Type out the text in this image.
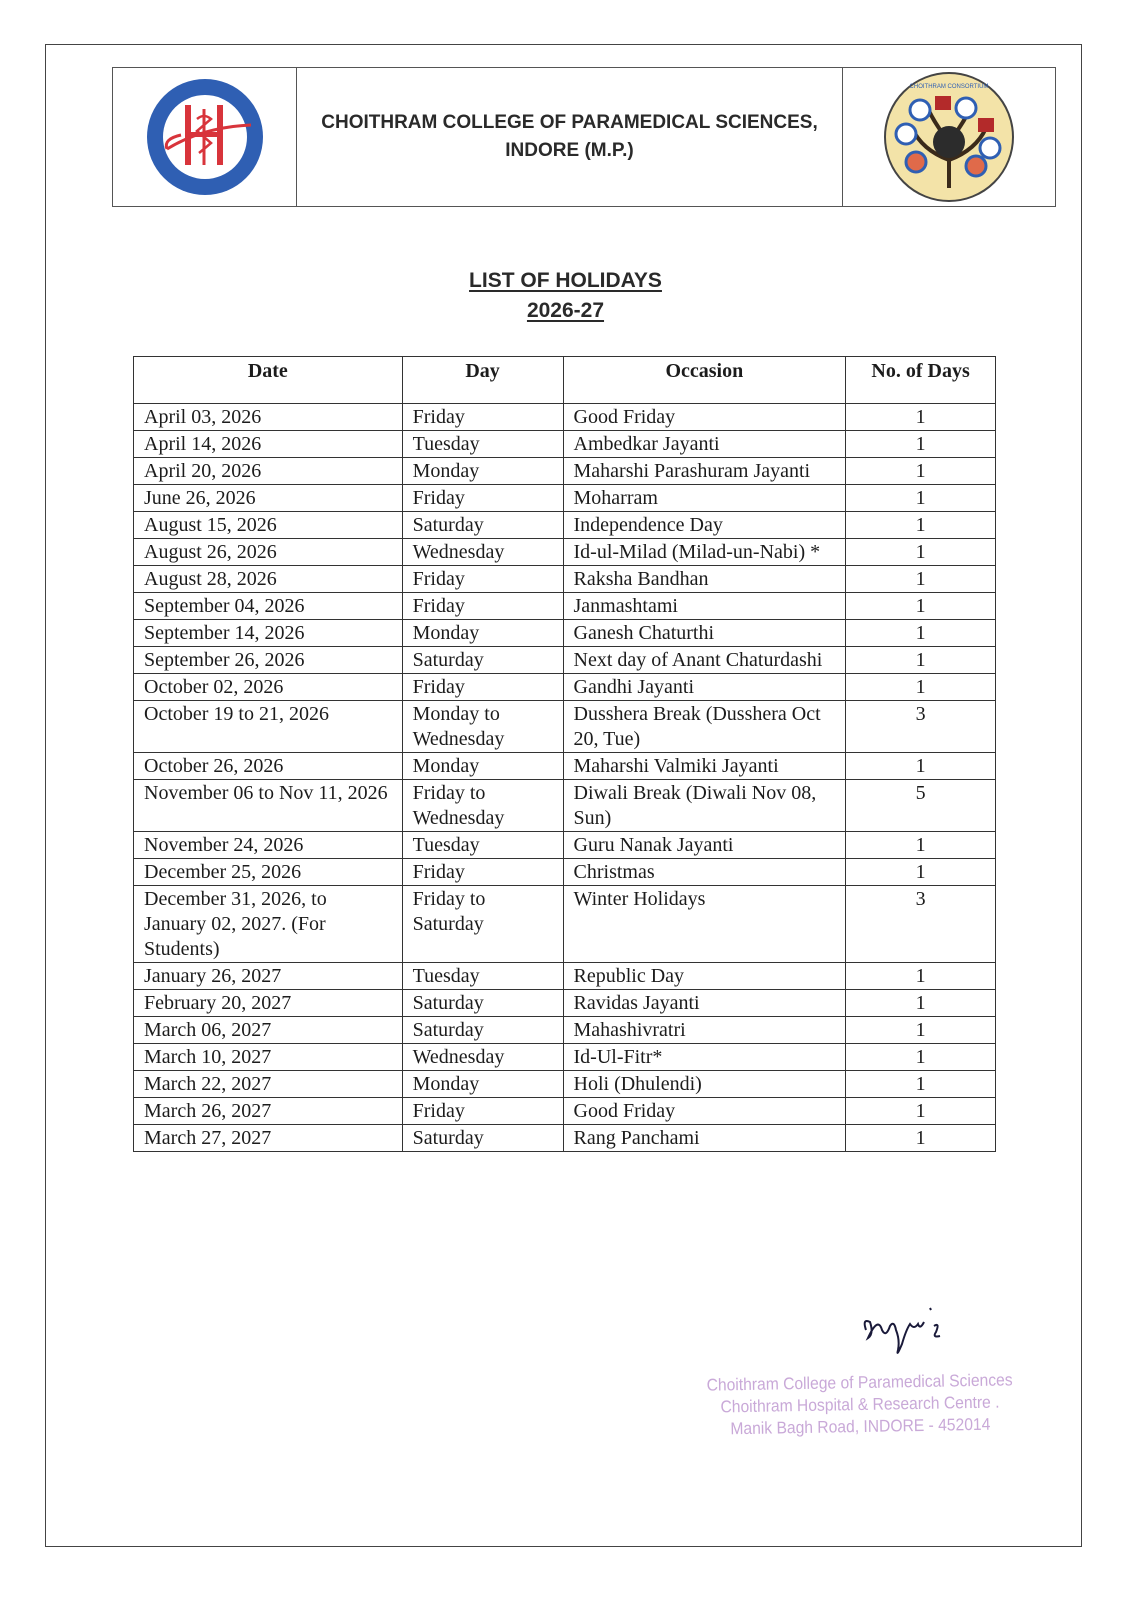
CHOITHRAM COLLEGE OF PARAMEDICAL SCIENCES,
INDORE (M.P.)
CHOITHRAM CONSORTIUM
LIST OF HOLIDAYS
2026-27
Date	Day	Occasion	No. of Days
April 03, 2026	Friday	Good Friday	1
April 14, 2026	Tuesday	Ambedkar Jayanti	1
April 20, 2026	Monday	Maharshi Parashuram Jayanti	1
June 26, 2026	Friday	Moharram	1
August 15, 2026	Saturday	Independence Day	1
August 26, 2026	Wednesday	Id-ul-Milad (Milad-un-Nabi) *	1
August 28, 2026	Friday	Raksha Bandhan	1
September 04, 2026	Friday	Janmashtami	1
September 14, 2026	Monday	Ganesh Chaturthi	1
September 26, 2026	Saturday	Next day of Anant Chaturdashi	1
October 02, 2026	Friday	Gandhi Jayanti	1
October 19 to 21, 2026	Monday to Wednesday	Dusshera Break (Dusshera Oct 20, Tue)	3
October 26, 2026	Monday	Maharshi Valmiki Jayanti	1
November 06 to Nov 11, 2026	Friday to Wednesday	Diwali Break (Diwali Nov 08, Sun)	5
November 24, 2026	Tuesday	Guru Nanak Jayanti	1
December 25, 2026	Friday	Christmas	1
December 31, 2026, to January 02, 2027. (For Students)	Friday to Saturday	Winter Holidays	3
January 26, 2027	Tuesday	Republic Day	1
February 20, 2027	Saturday	Ravidas Jayanti	1
March 06, 2027	Saturday	Mahashivratri	1
March 10, 2027	Wednesday	Id-Ul-Fitr*	1
March 22, 2027	Monday	Holi (Dhulendi)	1
March 26, 2027	Friday	Good Friday	1
March 27, 2027	Saturday	Rang Panchami	1
Choithram College of Paramedical Sciences
Choithram Hospital & Research Centre .
Manik Bagh Road, INDORE - 452014
